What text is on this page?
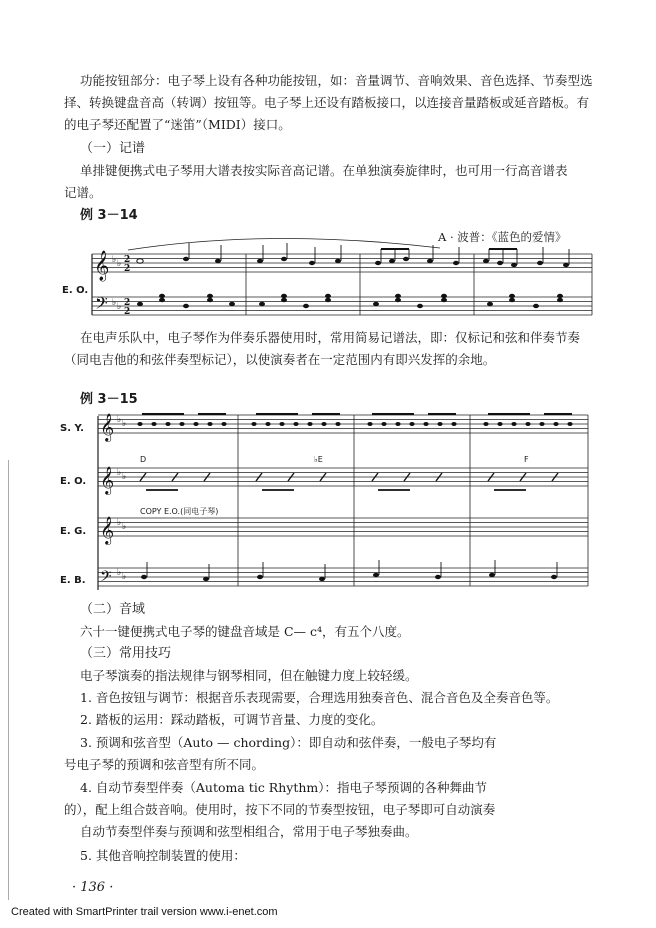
功能按钮部分：电子琴上设有各种功能按钮，如：音量调节、音响效果、音色选择、节奏型选
择、转换键盘音高（转调）按钮等。电子琴上还设有踏板接口，以连接音量踏板或延音踏板。有
的电子琴还配置了“迷笛”（MIDI）接口。
（一）记谱
单排键便携式电子琴用大谱表按实际音高记谱。在单独演奏旋律时，也可用一行高音谱表
记谱。
例 3－14
A · 波普：《蓝色的爱情》
E. O.
𝄞
𝄢
♭ ♭
♭ ♭
2
2
2
2
在电声乐队中，电子琴作为伴奏乐器使用时，常用简易记谱法，即：仅标记和弦和伴奏节奏
（同电吉他的和弦伴奏型标记），以使演奏者在一定范围内有即兴发挥的余地。
例 3－15
S. Y.
E. O.
E. G.
E. B.
D	♭E	F
COPY E.O.(同电子琴)
𝄞
𝄞
𝄞
𝄢
♭ ♭
♭ ♭
♭ ♭
♭ ♭
（二）音域
六十一键便携式电子琴的键盘音域是 C— c⁴，有五个八度。
（三）常用技巧
电子琴演奏的指法规律与钢琴相同，但在触键力度上较轻缓。
1. 音色按钮与调节：根据音乐表现需要，合理选用独奏音色、混合音色及全奏音色等。
2. 踏板的运用：踩动踏板，可调节音量、力度的变化。
3. 预调和弦音型（Auto — chording）：即自动和弦伴奏，一般电子琴均有
号电子琴的预调和弦音型有所不同。
4. 自动节奏型伴奏（Automa tic Rhythm）：指电子琴预调的各种舞曲节
的），配上组合鼓音响。使用时，按下不同的节奏型按钮，电子琴即可自动演奏
自动节奏型伴奏与预调和弦型相组合，常用于电子琴独奏曲。
5. 其他音响控制装置的使用：
· 136 ·
Created with SmartPrinter trail version www.i-enet.com
